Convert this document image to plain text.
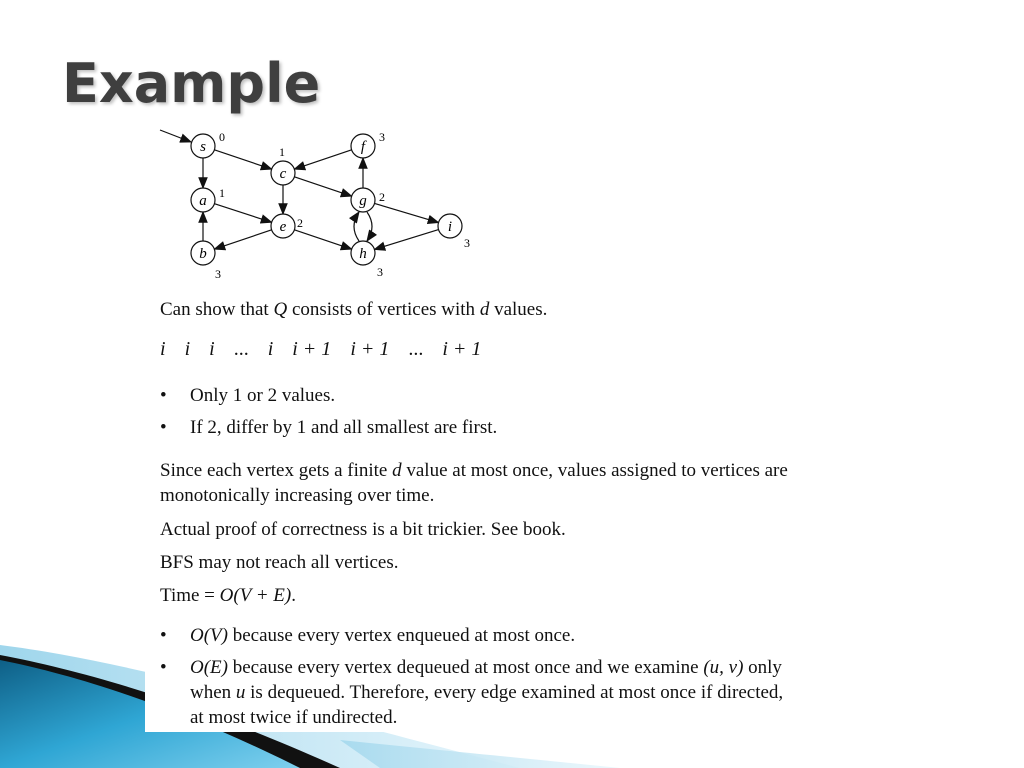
Example
s
0
c
1	f
3
a 1	g 2
e 2	i
3
b
3
h
3
Can show that Q consists of vertices with d values.
i i i ... i i + 1 i + 1 ... i + 1
• Only 1 or 2 values.
• If 2, differ by 1 and all smallest are first.
Since each vertex gets a finite d value at most once, values assigned to vertices are
monotonically increasing over time.
Actual proof of correctness is a bit trickier. See book.
BFS may not reach all vertices.
Time = O(V + E).
• O(V) because every vertex enqueued at most once.
• O(E) because every vertex dequeued at most once and we examine (u, v) only
when u is dequeued. Therefore, every edge examined at most once if directed,
at most twice if undirected.
